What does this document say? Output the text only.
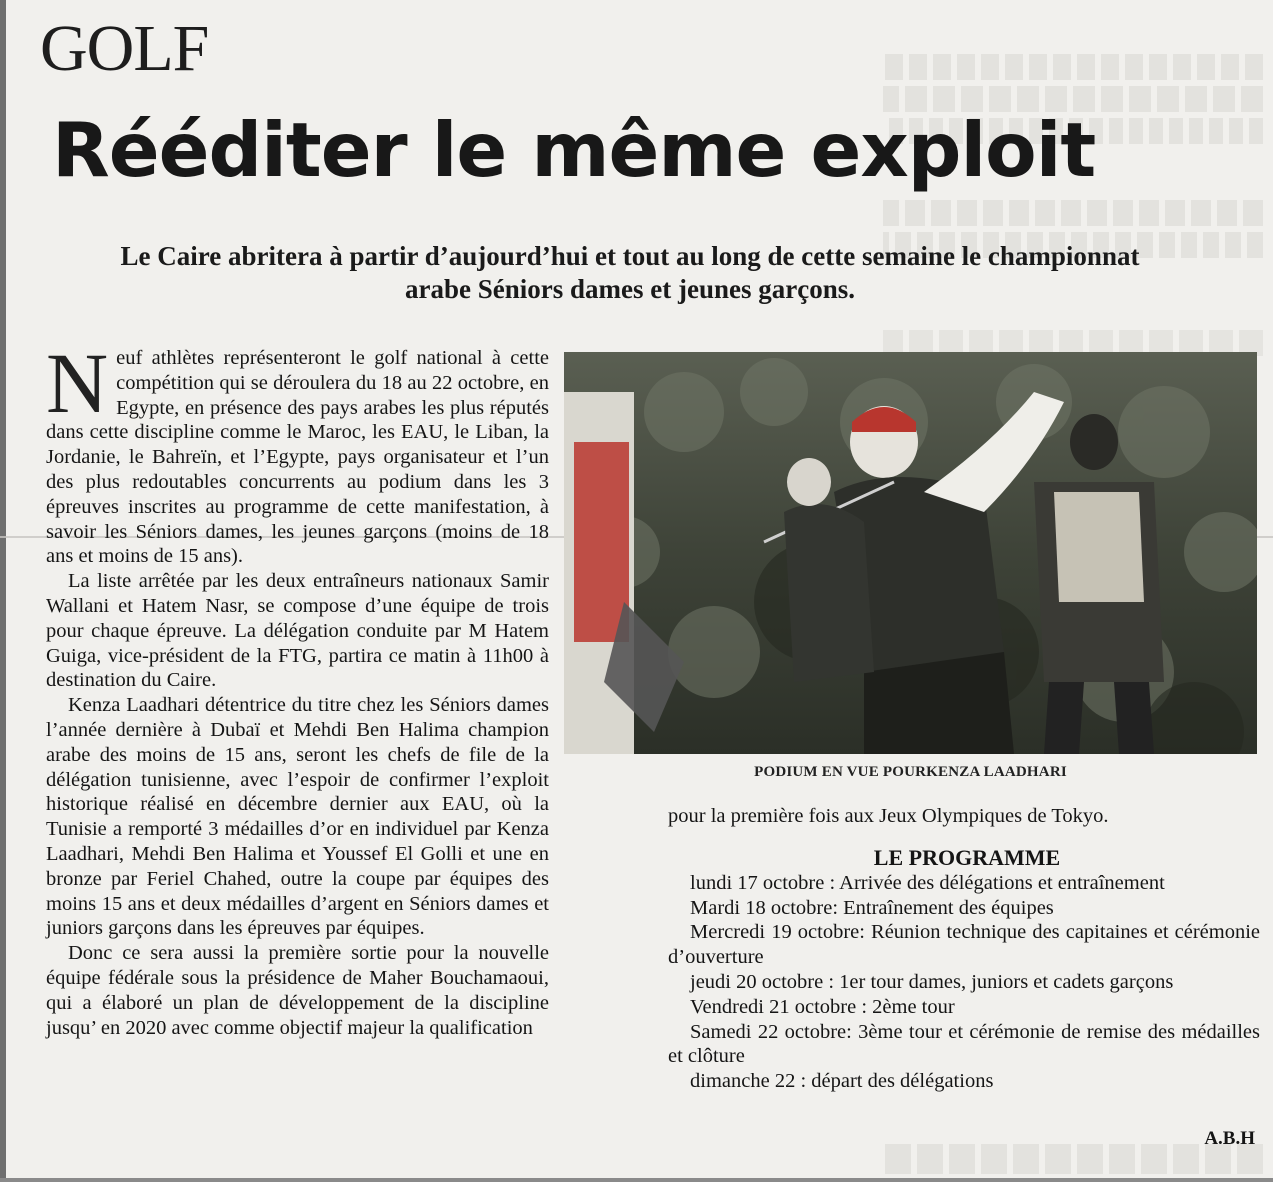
GOLF
Rééditer le même exploit
Le Caire abritera à partir d’aujourd’hui et tout au long de cette semaine le championnat arabe Séniors dames et jeunes garçons.

Neuf athlètes représenteront le golf national à cette compétition qui se déroulera du 18 au 22 octobre, en Egypte, en présence des pays arabes les plus réputés dans cette discipline comme le Maroc, les EAU, le Liban, la Jordanie, le Bahreïn, et l’Egypte, pays organisateur et l’un des plus redoutables concurrents au podium dans les 3 épreuves inscrites au programme de cette manifestation, à savoir les Séniors dames, les jeunes garçons (moins de 18 ans et moins de 15 ans).

La liste arrêtée par les deux entraîneurs nationaux Samir Wallani et Hatem Nasr, se compose d’une équipe de trois pour chaque épreuve. La délégation conduite par M Hatem Guiga, vice-président de la FTG, partira ce matin à 11h00 à destination du Caire.

Kenza Laadhari détentrice du titre chez les Séniors dames l’année dernière à Dubaï et Mehdi Ben Halima champion arabe des moins de 15 ans, seront les chefs de file de la délégation tunisienne, avec l’espoir de confirmer l’exploit historique réalisé en décembre dernier aux EAU, où la Tunisie a remporté 3 médailles d’or en individuel par Kenza Laadhari, Mehdi Ben Halima et Youssef El Golli et une en bronze par Feriel Chahed, outre la coupe par équipes des moins 15 ans et deux médailles d’argent en Séniors dames et juniors garçons dans les épreuves par équipes.

Donc ce sera aussi la première sortie pour la nouvelle équipe fédérale sous la présidence de Maher Bouchamaoui, qui a élaboré un plan de développement de la discipline jusqu’ en 2020 avec comme objectif majeur la qualification

PODIUM EN VUE POURKENZA LAADHARI

pour la première fois aux Jeux Olympiques de Tokyo.

LE PROGRAMME

lundi 17 octobre : Arrivée des délégations et entraînement

Mardi 18 octobre: Entraînement des équipes

Mercredi 19 octobre: Réunion technique des capitaines et cérémonie d’ouverture

jeudi 20 octobre : 1er tour dames, juniors et cadets garçons

Vendredi 21 octobre : 2ème tour

Samedi 22 octobre: 3ème tour et cérémonie de remise des médailles et clôture

dimanche 22 : départ des délégations

A.B.H
